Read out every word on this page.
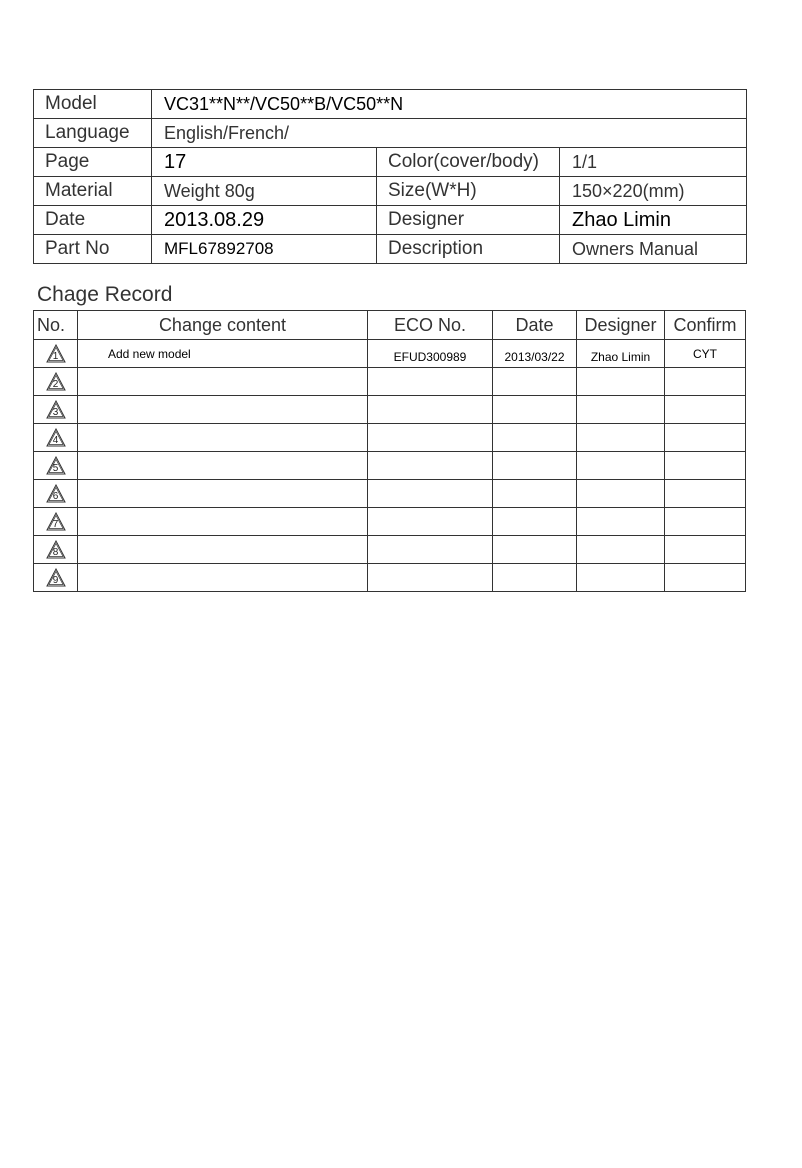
Model	VC31**N**/VC50**B/VC50**N		
Language	English/French/		
Page	17	Color(cover/body)	1/1
Material	Weight 80g	Size(W*H)	150×220(mm)
Date	2013.08.29	Designer	Zhao Limin
Part No	MFL67892708	Description	Owners Manual
Chage Record
No.	Change content	ECO No.	Date	Designer	Confirm

1	Add new model	EFUD300989	2013/03/22	Zhao Limin	CYT

2					

3					

4					

5					

6					

7					

8					

9					
